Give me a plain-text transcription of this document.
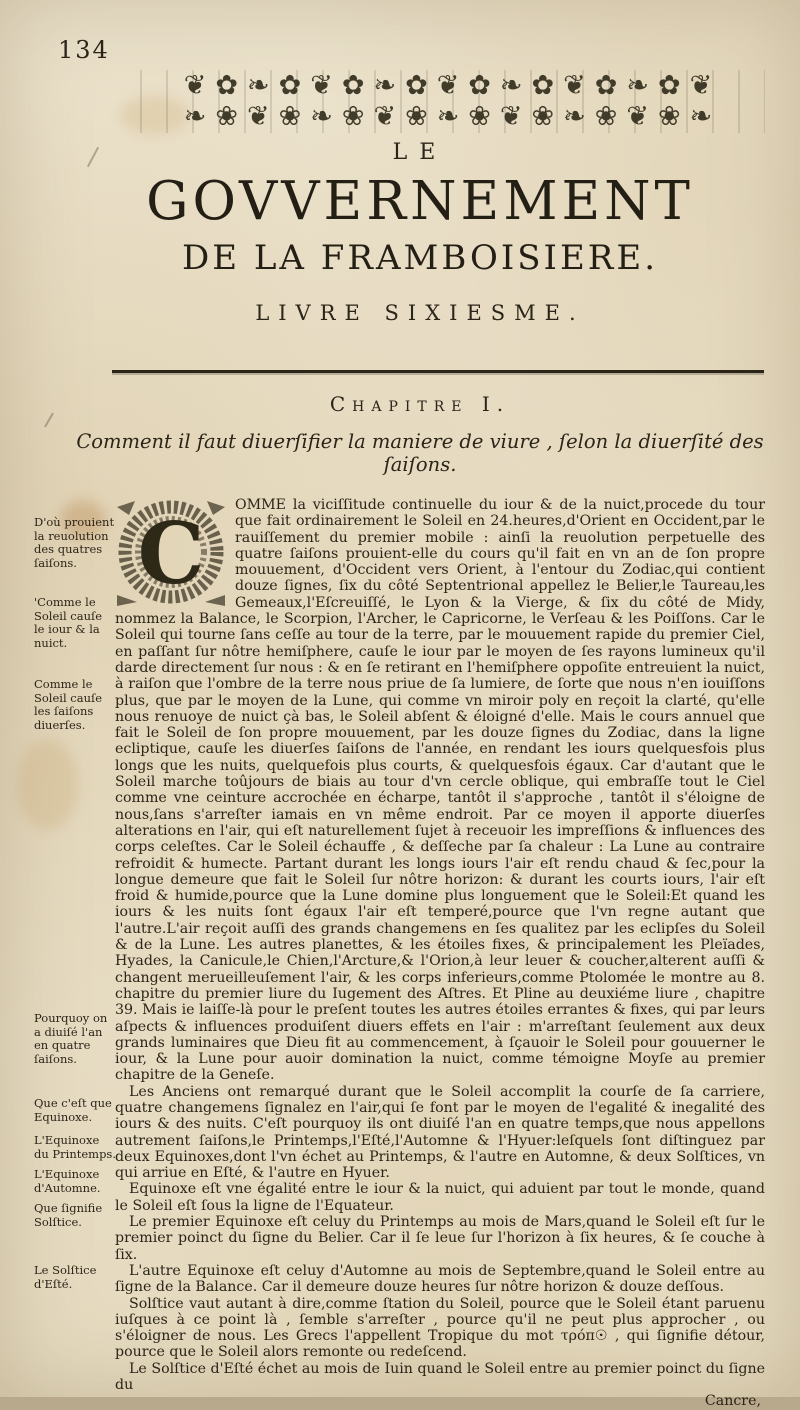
134
❦✿❧✿❦✿❧✿❦✿❧✿❦✿❧✿❦
❧❀❦❀❧❀❦❀❧❀❦❀❧❀❦❀❧
LE
GOVVERNEMENT
DE LA FRAMBOISIERE.
LIVRE SIXIESME.
Chapitre I.
Comment il faut diuerſifier la maniere de viure , ſelon la diuerſité des ſaiſons.

C OMME la viciſſitude continuelle du iour & de la nuict,procede du tour que fait ordinairement le Soleil en 24.heures,d'Orient en Occident,par le rauiſſement du premier mobile : ainſi la reuolution perpetuelle des quatre ſaiſons prouient-elle du cours qu'il fait en vn an de ſon propre mouuement, d'Occident vers Orient, à l'entour du Zodiac,qui contient douze ſignes, ſix du côté Septentrional appellez le Belier,le Taureau,les Gemeaux,l'Eſcreuiſſé, le Lyon & la Vierge, & ſix du côté de Midy, nommez la Balance, le Scorpion, l'Archer, le Capricorne, le Verſeau & les Poiſſons. Car le Soleil qui tourne ſans ceſſe au tour de la terre, par le mouuement rapide du premier Ciel, en paſſant ſur nôtre hemiſphere, cauſe le iour par le moyen de ſes rayons lumineux qu'il darde directement ſur nous : & en ſe retirant en l'hemiſphere oppoſite entreuient la nuict, à raiſon que l'ombre de la terre nous priue de ſa lumiere, de ſorte que nous n'en iouiſſons plus, que par le moyen de la Lune, qui comme vn miroir poly en reçoit la clarté, qu'elle nous renuoye de nuict çà bas, le Soleil abſent & éloigné d'elle. Mais le cours annuel que fait le Soleil de ſon propre mouuement, par les douze ſignes du Zodiac, dans la ligne ecliptique, cauſe les diuerſes ſaiſons de l'année, en rendant les iours quelquesfois plus longs que les nuits, quelquefois plus courts, & quelquesfois égaux. Car d'autant que le Soleil marche toûjours de biais au tour d'vn cercle oblique, qui embraſſe tout le Ciel comme vne ceinture accrochée en écharpe, tantôt il s'approche , tantôt il s'éloigne de nous,ſans s'arreſter iamais en vn même endroit. Par ce moyen il apporte diuerſes alterations en l'air, qui eſt naturellement ſujet à receuoir les impreſſions & influences des corps celeſtes. Car le Soleil échauffe , & deſſeche par ſa chaleur : La Lune au contraire refroidit & humecte. Partant durant les longs iours l'air eſt rendu chaud & ſec,pour la longue demeure que fait le Soleil ſur nôtre horizon: & durant les courts iours, l'air eſt froid & humide,pource que la Lune domine plus longuement que le Soleil:Et quand les iours & les nuits ſont égaux l'air eſt temperé,pource que l'vn regne autant que l'autre.L'air reçoit auſſi des grands changemens en ſes qualitez par les eclipſes du Soleil & de la Lune. Les autres planettes, & les étoiles fixes, & principalement les Pleïades, Hyades, la Canicule,le Chien,l'Arcture,& l'Orion,à leur leuer & coucher,alterent auſſi & changent merueilleuſement l'air, & les corps inferieurs,comme Ptolomée le montre au 8. chapitre du premier liure du Iugement des Aſtres. Et Pline au deuxiéme liure , chapitre 39. Mais ie laiſſe-là pour le preſent toutes les autres étoiles errantes & fixes, qui par leurs aſpects & influences produiſent diuers effets en l'air : m'arreſtant ſeulement aux deux grands luminaires que Dieu fit au commencement, à ſçauoir le Soleil pour gouuerner le iour, & la Lune pour auoir domination la nuict, comme témoigne Moyſe au premier chapitre de la Geneſe.

Les Anciens ont remarqué durant que le Soleil accomplit la courſe de ſa carriere, quatre changemens ſignalez en l'air,qui ſe font par le moyen de l'egalité & inegalité des iours & des nuits. C'eſt pourquoy ils ont diuiſé l'an en quatre temps,que nous appellons autrement ſaiſons,le Printemps,l'Eſté,l'Automne & l'Hyuer:leſquels ſont diſtinguez par deux Equinoxes,dont l'vn échet au Printemps, & l'autre en Automne, & deux Solſtices, vn qui arriue en Eſté, & l'autre en Hyuer.

Equinoxe eſt vne égalité entre le iour & la nuict, qui aduient par tout le monde, quand le Soleil eſt ſous la ligne de l'Equateur.

Le premier Equinoxe eſt celuy du Printemps au mois de Mars,quand le Soleil eſt ſur le premier poinct du ſigne du Belier. Car il ſe leue ſur l'horizon à ſix heures, & ſe couche à ſix.

L'autre Equinoxe eſt celuy d'Automne au mois de Septembre,quand le Soleil entre au ſigne de la Balance. Car il demeure douze heures ſur nôtre horizon & douze deſſous.

Solſtice vaut autant à dire,comme ſtation du Soleil, pource que le Soleil étant paruenu iuſques à ce point là , ſemble s'arreſter , pource qu'il ne peut plus approcher , ou s'éloigner de nous. Les Grecs l'appellent Tropique du mot τρόπ☉ , qui ſignifie détour, pource que le Soleil alors remonte ou redeſcend.

Le Solſtice d'Eſté échet au mois de Iuin quand le Soleil entre au premier poinct du ſigne du

Cancre,
D'où prouient la reuolution des quatres ſaiſons.
'Comme le Soleil cauſe le iour & la nuict.
Comme le Soleil cauſe les ſaiſons diuerſes.
Pourquoy on a diuiſé l'an en quatre ſaiſons.
Que c'eſt que Equinoxe.
L'Equinoxe du Printemps.
L'Equinoxe d'Automne.
Que ſignifie Solſtice.
Le Solſtice d'Eſté.
